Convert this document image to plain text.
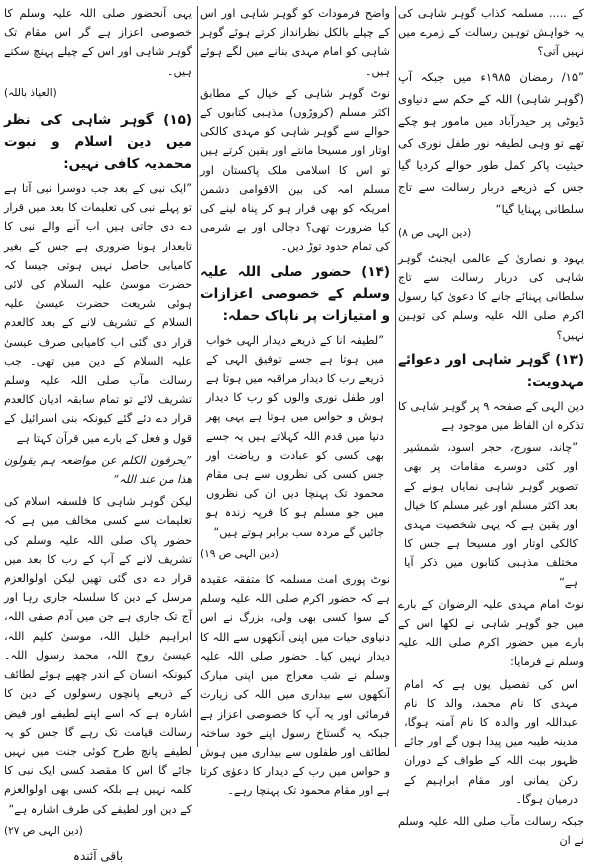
کے ..... مسلمہ کذاب گوہر شاہی کی یہ خواہش توہین رسالت کے زمرے میں نہیں آتی؟

”۱۵/ رمضان ۱۹۸۵ء میں جبکہ آپ (گوہر شاہی) اللہ کے حکم سے دنیاوی ڈیوٹی پر حیدرآباد میں مامور ہو چکے تھے تو وہی لطیفہ نور طفل نوری کی حیثیت پاکر کمل طور حوالے کردیا گیا جس کے ذریعے دربار رسالت سے تاج سلطانی پہنایا گیا“

(دین الہی ص ۸)

یہود و نصاریٰ کے عالمی ایجنٹ گوہر شاہی کی دربار رسالت سے تاج سلطانی پہنائے جانے کا دعویٰ کیا رسول اکرم صلی اللہ علیہ وسلم کی توہین نہیں؟

(۱۳) گوہر شاہی اور دعوائے مہدویت:

دین الہی کے صفحہ ۹ پر گوہر شاہی کا تذکرہ ان الفاظ میں موجود ہے

”چاند، سورج، حجر اسود، شمشیر اور کئی دوسرے مقامات پر بھی تصویر گوہر شاہی نمایاں ہونے کے بعد اکثر مسلم اور غیر مسلم کا خیال اور یقین ہے کہ یہی شخصیت مہدی کالکی اوتار اور مسیحا ہے جس کا مختلف مذہبی کتابوں میں ذکر آیا ہے“

نوٹ امام مہدی علیہ الرضوان کے بارے میں جو گوہر شاہی نے لکھا اس کے بارے میں حضور اکرم صلی اللہ علیہ وسلم نے فرمایا:

اس کی تفصیل یوں ہے کہ امام مہدی کا نام محمد، والد کا نام عبداللہ اور والدہ کا نام آمنہ ہوگا، مدینہ طیبہ میں پیدا ہوں گے اور جائے ظہور بیت اللہ کے طواف کے دوران رکن یمانی اور مقام ابراہیم کے درمیان ہوگا۔

جبکہ رسالت مآب صلی اللہ علیہ وسلم نے ان

واضح فرمودات کو گوہر شاہی اور اس کے چیلے بالکل نظرانداز کرتے ہوئے گوہر شاہی کو امام مہدی بنانے میں لگے ہوئے ہیں۔

نوٹ گوہر شاہی کے خیال کے مطابق اکثر مسلم (کروڑوں) مذہبی کتابوں کے حوالے سے گوہر شاہی کو مہدی کالکی اوتار اور مسیحا مانتے اور یقین کرتے ہیں تو اس کا اسلامی ملک پاکستان اور مسلم امہ کی بین الاقوامی دشمن امریکہ کو بھی فرار ہو کر پناہ لینے کی کیا ضرورت تھی؟ دجالی اور بے شرمی کی تمام حدود توڑ دیں۔

(۱۴) حضور صلی اللہ علیہ وسلم کے خصوصی اعزازات و امتیازات پر ناپاک حملہ:

”لطیفہ انا کے ذریعے دیدار الہی خواب میں ہوتا ہے جسے توفیق الہی کے ذریعے رب کا دیدار مراقبہ میں ہوتا ہے اور طفل نوری والوں کو رب کا دیدار ہوش و حواس میں ہوتا ہے یہی پھر دنیا میں قدم اللہ کہلاتے ہیں یہ جسے بھی کسی کو عبادت و ریاضت اور جس کسی کی نظروں سے ہی مقام محمود تک پہنچا دیں ان کی نظروں میں جو مسلم ہو کا فرپہ زندہ ہو جائیں گے مردہ سب برابر ہوتے ہیں“

(دین الہی ص ۱۹)

نوٹ پوری امت مسلمہ کا متفقہ عقیدہ ہے کہ حضور اکرم صلی اللہ علیہ وسلم کے سوا کسی بھی ولی، بزرگ نے اس دنیاوی حیات میں اپنی آنکھوں سے اللہ کا دیدار نہیں کیا۔ حضور صلی اللہ علیہ وسلم نے شب معراج میں اپنی مبارک آنکھوں سے بیداری میں اللہ کی زیارت فرمائی اور یہ آپ کا خصوصی اعزاز ہے جبکہ یہ گستاخ رسول اپنے خود ساختہ لطائف اور طفلوں سے بیداری میں ہوش و حواس میں رب کے دیدار کا دعوٰی کرتا ہے اور مقام محمود تک پہنچا رہے۔

یہی آنحضور صلی اللہ علیہ وسلم کا خصوصی اعزاز ہے گر اس مقام تک گوہر شاہی اور اس کے چیلے پہنچ سکتے ہیں۔

(العیاذ باللہ)

(۱۵) گوہر شاہی کی نظر میں دین اسلام و نبوت محمدیہ کافی نہیں:

”ایک نبی کے بعد جب دوسرا نبی آتا ہے تو پہلے نبی کی تعلیمات کا بعد میں قرار دے دی جاتی ہیں اب آنے والے نبی کا تابعدار ہونا ضروری ہے جس کے بغیر کامیابی حاصل نہیں ہوتی جیسا کہ حضرت موسیٰ علیہ السلام کی لائی ہوئی شریعت حضرت عیسیٰ علیہ السلام کے تشریف لانے کے بعد کالعدم قرار دی گئی اب کامیابی صرف عیسیٰ علیہ السلام کے دین میں تھی۔ جب رسالت مآب صلی اللہ علیہ وسلم تشریف لائے تو تمام سابقہ ادیان کالعدم قرار دے دئے گئے کیونکہ بنی اسرائیل کے قول و فعل کے بارے میں قرآن کہتا ہے

”یحرفون الکلم عن مواضعہ ہم یقولون ھذا من عند اللہ“

لیکن گوہر شاہی کا فلسفہ اسلام کی تعلیمات سے کسی مخالف میں ہے کہ حضور پاک صلی اللہ علیہ وسلم کی تشریف لانے کے آپ کے رب کا بعد میں قرار دے دی گئی تھیں لیکن اولوالعزم مرسل کے دین کا سلسلہ جاری رہا اور آج تک جاری ہے جن میں آدم صفی اللہ، ابراہیم خلیل اللہ، موسیٰ کلیم اللہ، عیسیٰ روح اللہ، محمد رسول اللہ۔ کیونکہ انسان کے اندر چھپے ہوئے لطائف کے ذریعے پانچوں رسولوں کے دین کا اشارہ ہے کہ اسے اپنے لطیفے اور فیض رسالت قیامت تک رہے گا جس کو یہ لطیفے پانچ طرح کوئی جنت میں نہیں جائے گا اس کا مقصد کسی ایک نبی کا کلمہ نہیں ہے بلکہ کسی بھی اولوالعزم کے دین اور لطیفے کی طرف اشارہ ہے“

(دین الہی ص ۲۷)

باقی آئندہ
